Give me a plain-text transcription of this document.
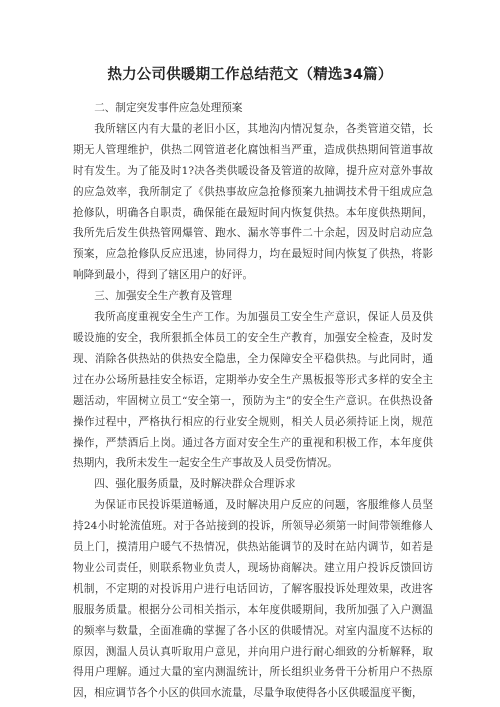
热力公司供暖期工作总结范文（精选34篇）

二、制定突发事件应急处理预案

我所辖区内有大量的老旧小区，其地沟内情况复杂，各类管道交错，长期无人管理维护，供热二网管道老化腐蚀相当严重，造成供热期间管道事故时有发生。为了能及时1?决各类供暖设备及管道的故障，提升应对意外事故的应急效率，我所制定了《供热事故应急抢修预案九抽调技术骨干组成应急抢修队，明确各自职责，确保能在最短时间内恢复供热。本年度供热期间，我所先后发生供热管网爆管、跑水、漏水等事件二十余起，因及时启动应急预案，应急抢修队反应迅速，协同得力，均在最短时间内恢复了供热，将影响降到最小，得到了辖区用户的好评。

三、加强安全生产教育及管理

我所高度重视安全生产工作。为加强员工安全生产意识，保证人员及供暖设施的安全，我所狠抓全体员工的安全生产教育，加强安全检查，及时发现、消除各供热站的供热安全隐患，全力保障安全平稳供热。与此同时，通过在办公场所悬挂安全标语，定期举办安全生产黑板报等形式多样的安全主题活动，牢固树立员工“安全第一，预防为主”的安全生产意识。在供热设备操作过程中，严格执行相应的行业安全规则，相关人员必须持证上岗，规范操作，严禁酒后上岗。通过各方面对安全生产的重视和积极工作，本年度供热期内，我所未发生一起安全生产事故及人员受伤情况。

四、强化服务质量，及时解决群众合理诉求

为保证市民投诉渠道畅通，及时解决用户反应的问题，客服维修人员坚持24小时轮流值班。对于各站接到的投诉，所领导必须第一时间带领维修人员上门，摸清用户暖气不热情况，供热站能调节的及时在站内调节，如若是物业公司责任，则联系物业负责人，现场协商解决。建立用户投诉反馈回访机制，不定期的对投诉用户进行电话回访，了解客服投诉处理效果，改进客服服务质量。根据分公司相关指示，本年度供暖期间，我所加强了入户测温的频率与数量，全面准确的掌握了各小区的供暖情况。对室内温度不达标的原因，测温人员认真听取用户意见，并向用户进行耐心细致的分析解释，取得用户理解。通过大量的室内测温统计，所长组织业务骨干分析用户不热原因，相应调节各个小区的供回水流量，尽量争取使得各小区供暖温度平衡，
